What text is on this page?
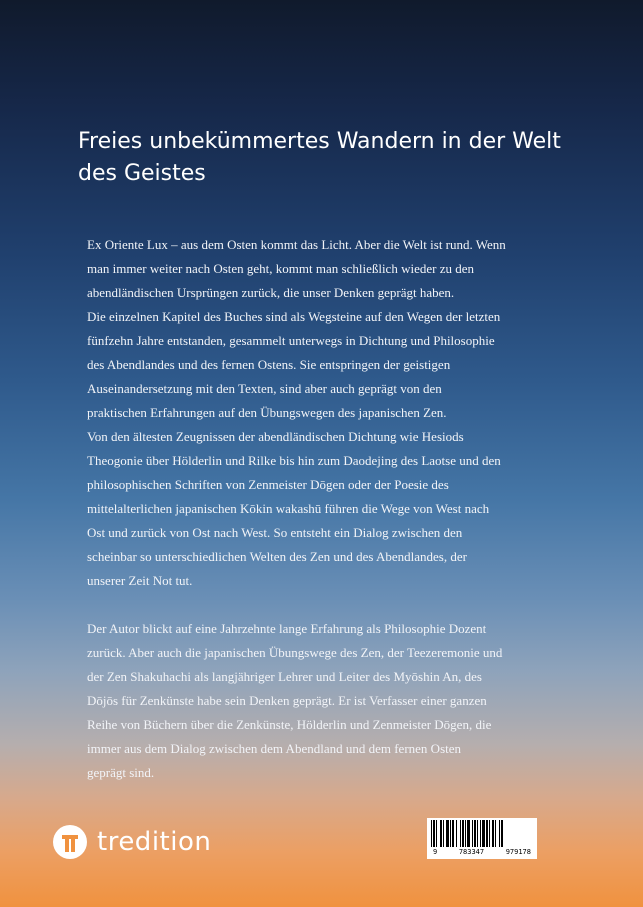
Freies unbekümmertes Wandern in der Welt
des Geistes

Ex Oriente Lux – aus dem Osten kommt das Licht. Aber die Welt ist rund. Wenn

man immer weiter nach Osten geht, kommt man schließlich wieder zu den

abendländischen Ursprüngen zurück, die unser Denken geprägt haben.

Die einzelnen Kapitel des Buches sind als Wegsteine auf den Wegen der letzten

fünfzehn Jahre entstanden, gesammelt unterwegs in Dichtung und Philosophie

des Abendlandes und des fernen Ostens. Sie entspringen der geistigen

Auseinandersetzung mit den Texten, sind aber auch geprägt von den

praktischen Erfahrungen auf den Übungswegen des japanischen Zen.

Von den ältesten Zeugnissen der abendländischen Dichtung wie Hesiods

Theogonie über Hölderlin und Rilke bis hin zum Daodejing des Laotse und den

philosophischen Schriften von Zenmeister Dōgen oder der Poesie des

mittelalterlichen japanischen Kōkin wakashū führen die Wege von West nach

Ost und zurück von Ost nach West. So entsteht ein Dialog zwischen den

scheinbar so unterschiedlichen Welten des Zen und des Abendlandes, der

unserer Zeit Not tut.

Der Autor blickt auf eine Jahrzehnte lange Erfahrung als Philosophie Dozent

zurück. Aber auch die japanischen Übungswege des Zen, der Teezeremonie und

der Zen Shakuhachi als langjähriger Lehrer und Leiter des Myōshin An, des

Dōjōs für Zenkünste habe sein Denken geprägt. Er ist Verfasser einer ganzen

Reihe von Büchern über die Zenkünste, Hölderlin und Zenmeister Dōgen, die

immer aus dem Dialog zwischen dem Abendland und dem fernen Osten

geprägt sind.

tredition	9	783347	979178
